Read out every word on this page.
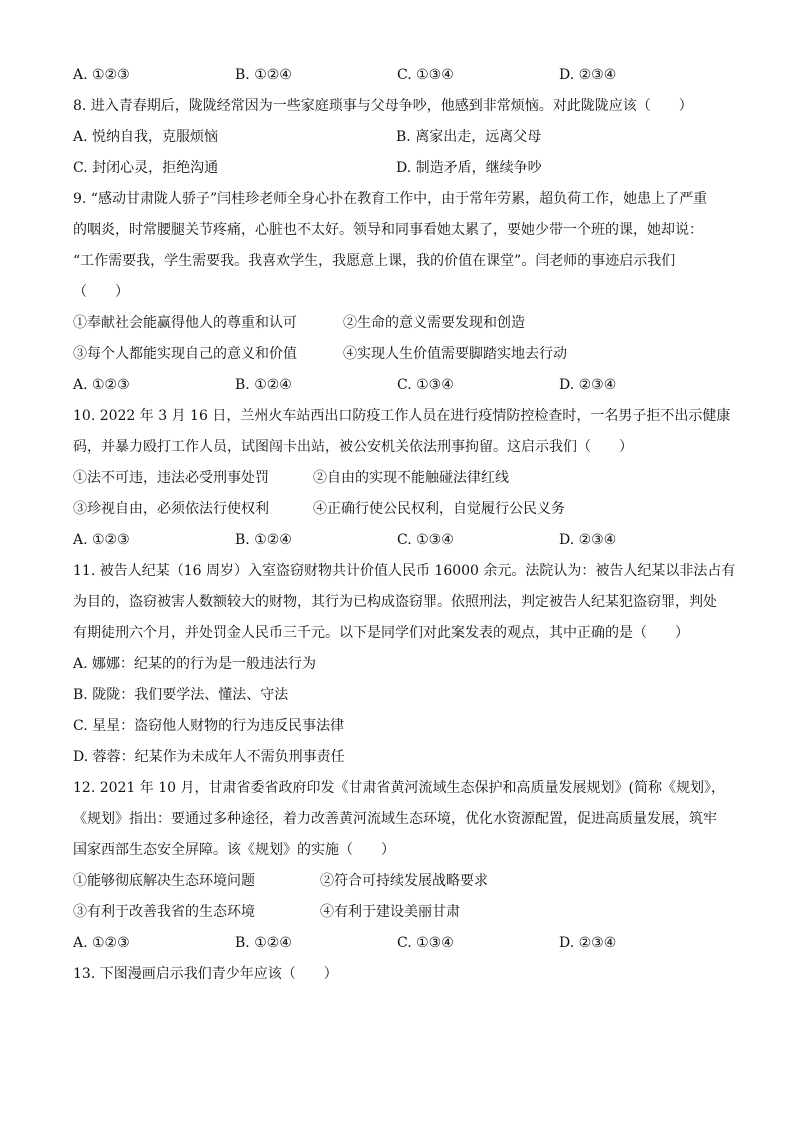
A. ①②③	B. ①②④	C. ①③④	D. ②③④
8. 进入青春期后，陇陇经常因为一些家庭琐事与父母争吵，他感到非常烦恼。对此陇陇应该（　　）
A. 悦纳自我，克服烦恼	B. 离家出走，远离父母
C. 封闭心灵，拒绝沟通	D. 制造矛盾，继续争吵
9. “感动甘肃陇人骄子”闫桂珍老师全身心扑在教育工作中，由于常年劳累，超负荷工作，她患上了严重
的咽炎，时常腰腿关节疼痛，心脏也不太好。领导和同事看她太累了，要她少带一个班的课，她却说：
“工作需要我，学生需要我。我喜欢学生，我愿意上课，我的价值在课堂”。闫老师的事迹启示我们
（　　）
①奉献社会能赢得他人的尊重和认可	②生命的意义需要发现和创造
③每个人都能实现自己的意义和价值	④实现人生价值需要脚踏实地去行动
A. ①②③	B. ①②④	C. ①③④	D. ②③④
10. 2022 年 3 月 16 日，兰州火车站西出口防疫工作人员在进行疫情防控检查时，一名男子拒不出示健康
码，并暴力殴打工作人员，试图闯卡出站，被公安机关依法刑事拘留。这启示我们（　　）
①法不可违，违法必受刑事处罚	②自由的实现不能触碰法律红线
③珍视自由，必须依法行使权利	④正确行使公民权利，自觉履行公民义务
A. ①②③	B. ①②④	C. ①③④	D. ②③④
11. 被告人纪某（16 周岁）入室盗窃财物共计价值人民币 16000 余元。法院认为：被告人纪某以非法占有
为目的，盗窃被害人数额较大的财物，其行为已构成盗窃罪。依照刑法，判定被告人纪某犯盗窃罪，判处
有期徒刑六个月，并处罚金人民币三千元。以下是同学们对此案发表的观点，其中正确的是（　　）
A. 娜娜：纪某的的行为是一般违法行为
B. 陇陇：我们要学法、懂法、守法
C. 星星：盗窃他人财物的行为违反民事法律
D. 蓉蓉：纪某作为未成年人不需负刑事责任
12. 2021 年 10 月，甘肃省委省政府印发《甘肃省黄河流域生态保护和高质量发展规划》(简称《规划》，
《规划》指出：要通过多种途径，着力改善黄河流域生态环境，优化水资源配置，促进高质量发展，筑牢
国家西部生态安全屏障。该《规划》的实施（　　）
①能够彻底解决生态环境问题	②符合可持续发展战略要求
③有利于改善我省的生态环境	④有利于建设美丽甘肃
A. ①②③	B. ①②④	C. ①③④	D. ②③④
13. 下图漫画启示我们青少年应该（　　）
